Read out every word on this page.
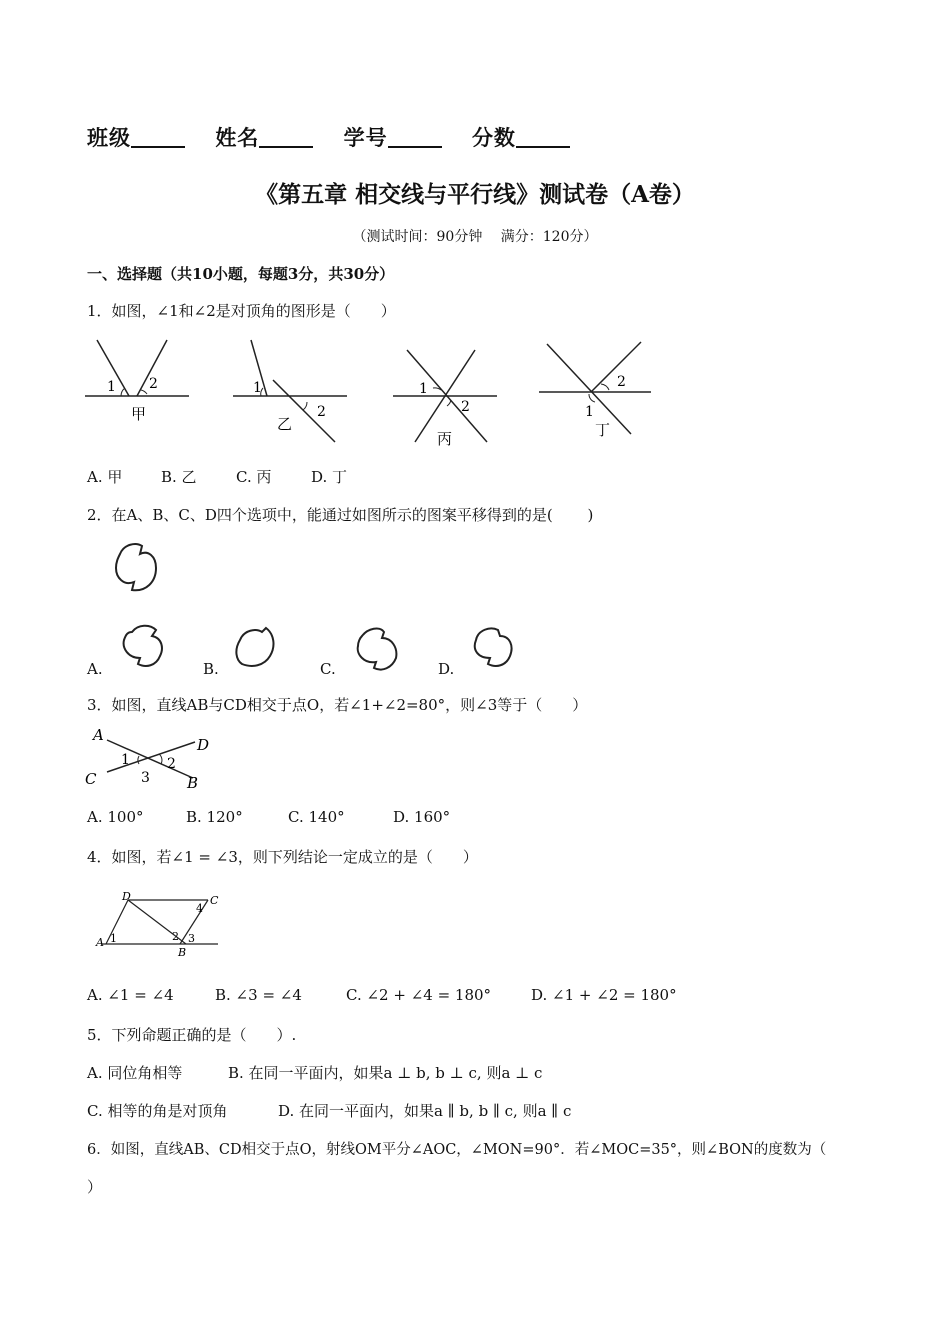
班级	姓名	学号	分数
《第五章 相交线与平行线》测试卷（A卷）
（测试时间：90分钟　 满分：120分）
一、选择题（共10小题，每题3分，共30分）
1．如图，∠1和∠2是对顶角的图形是（　　）
1 2
甲
1
2
乙
1
2
丙
2
1
丁
A. 甲	B. 乙	C. 丙	D. 丁
2．在A、B、C、D四个选项中，能通过如图所示的图案平移得到的是(　　 )
A.	B.	C.	D.
3．如图，直线AB与CD相交于点O，若∠1+∠2=80°，则∠3等于（　　）
A
D
C	B
1	2
3
A. 100°	B. 120°	C. 140°	D. 160°
4．如图，若∠1 = ∠3，则下列结论一定成立的是（　　）
D	C
A
B
1	2 3
4
A. ∠1 = ∠4	B. ∠3 = ∠4	C. ∠2 + ∠4 = 180°	D. ∠1 + ∠2 = 180°
5．下列命题正确的是（　　）.
A. 同位角相等	B. 在同一平面内，如果a ⊥ b, b ⊥ c, 则a ⊥ c
C. 相等的角是对顶角	D. 在同一平面内，如果a ∥ b, b ∥ c, 则a ∥ c
6．如图，直线AB、CD相交于点O，射线OM平分∠AOC，∠MON=90°．若∠MOC=35°，则∠BON的度数为（
）
